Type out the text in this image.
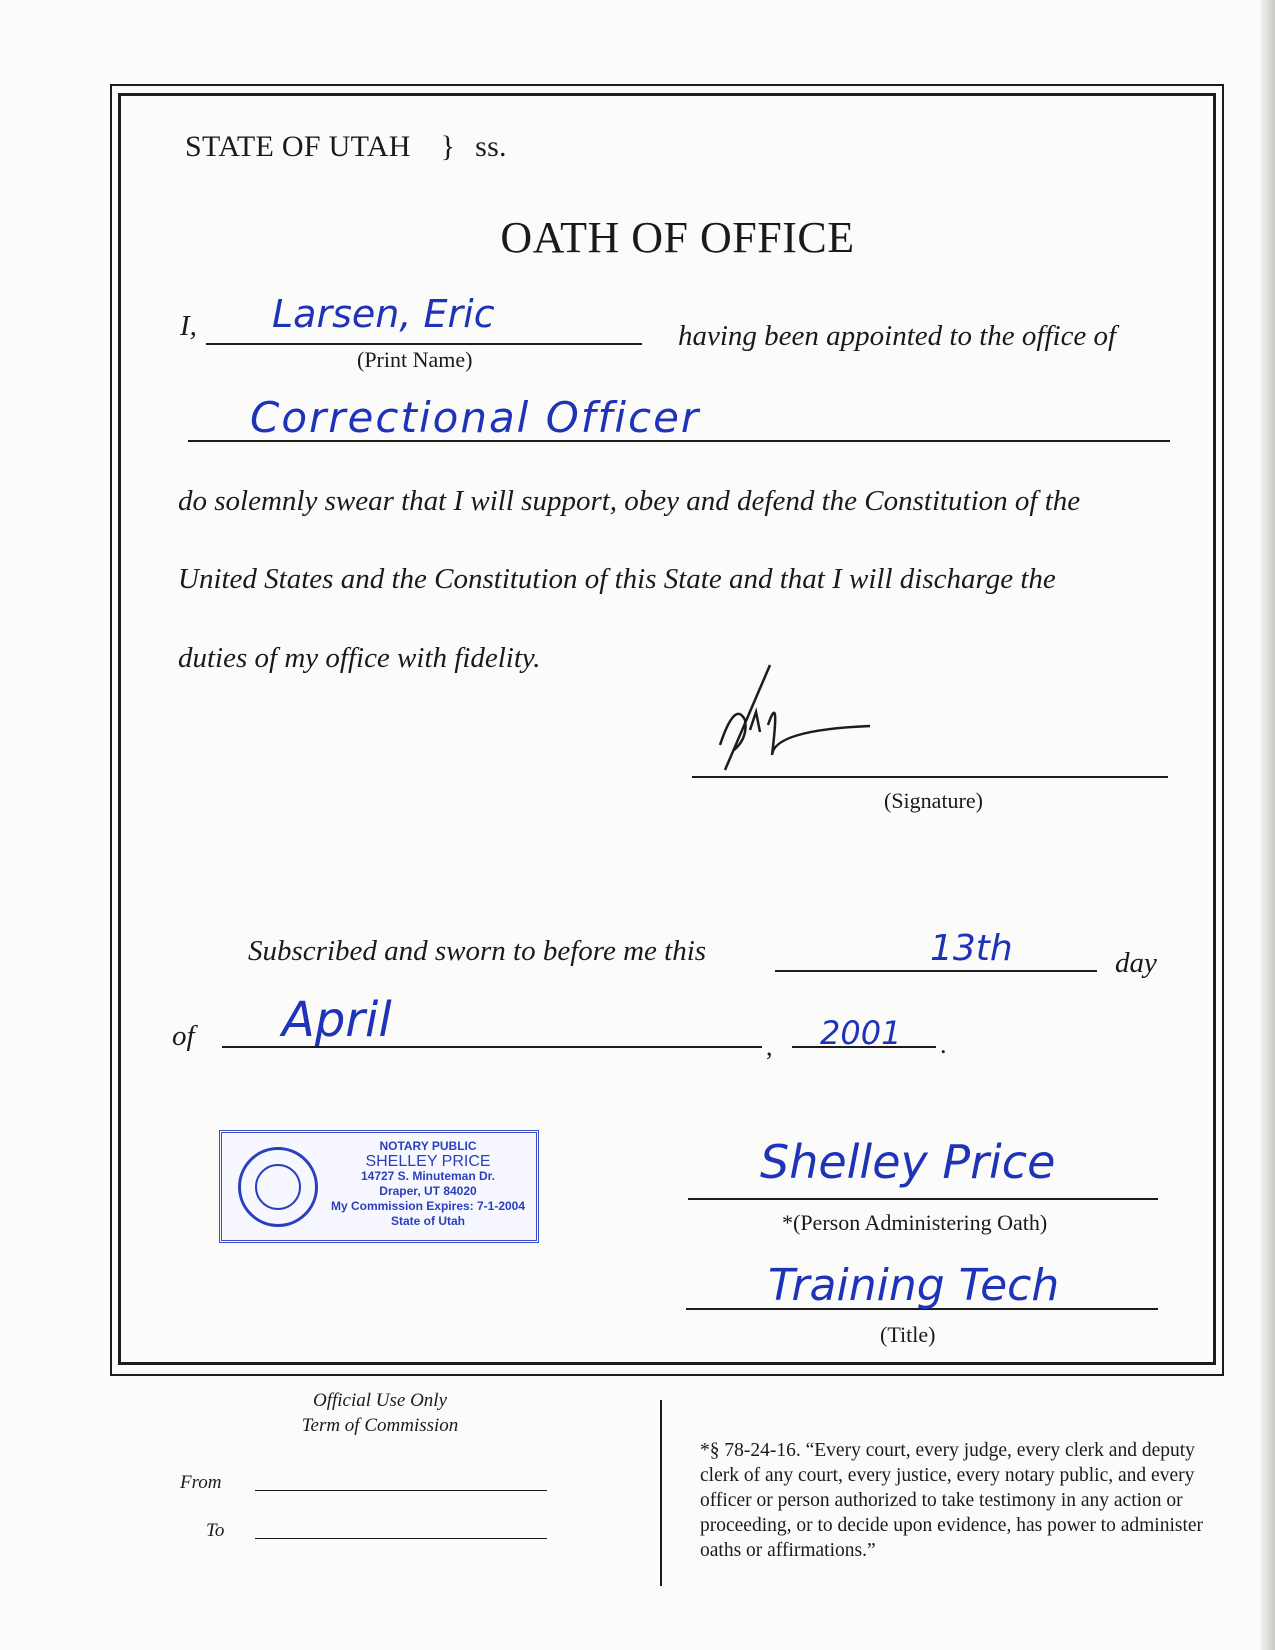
STATE OF UTAH } ss.
OATH OF OFFICE
I, Larsen, Eric
(Print Name)
having been appointed to the office of
Correctional Officer
do solemnly swear that I will support, obey and defend the Constitution of the
United States and the Constitution of this State and that I will discharge the
duties of my office with fidelity.
(Signature)
Subscribed and sworn to before me this	13th	day
of April	, 2001 .
NOTARY PUBLIC
SHELLEY PRICE
14727 S. Minuteman Dr.
Draper, UT 84020
My Commission Expires: 7-1-2004
State of Utah
Shelley Price
*(Person Administering Oath)
Training Tech
(Title)
Official Use Only
Term of Commission
From
To
*§ 78-24-16. “Every court, every judge, every clerk and deputy clerk of any court, every justice, every notary public, and every officer or person authorized to take testimony in any action or proceeding, or to decide upon evidence, has power to administer oaths or affirmations.”
